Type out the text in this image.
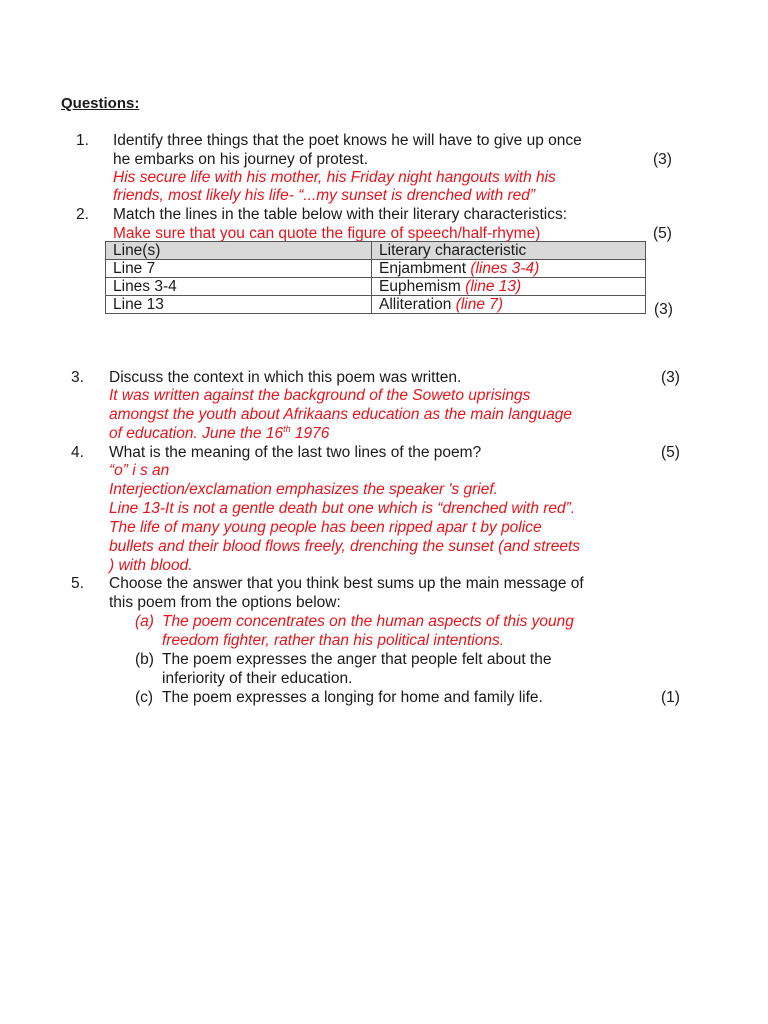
Questions:
1. Identify three things that the poet knows he will have to give up once
he embarks on his journey of protest.	(3)
His secure life with his mother, his Friday night hangouts with his
friends, most likely his life- “...my sunset is drenched with red”
2. Match the lines in the table below with their literary characteristics:
Make sure that you can quote the figure of speech/half-rhyme)	(5)
Line(s)	Literary characteristic
Line 7	Enjambment (lines 3-4)
Lines 3-4	Euphemism (line 13)
Line 13	Alliteration (line 7)	(3)
3. Discuss the context in which this poem was written.	(3)
It was written against the background of the Soweto uprisings
amongst the youth about Afrikaans education as the main language
of education. June the 16th 1976
4. What is the meaning of the last two lines of the poem?	(5)
“o” i s an
Interjection/exclamation emphasizes the speaker 's grief.
Line 13-It is not a gentle death but one which is “drenched with red”.
The life of many young people has been ripped apar t by police
bullets and their blood flows freely, drenching the sunset (and streets
) with blood.
5. Choose the answer that you think best sums up the main message of
this poem from the options below:
(a) The poem concentrates on the human aspects of this young
freedom fighter, rather than his political intentions.
(b) The poem expresses the anger that people felt about the
inferiority of their education.
(c) The poem expresses a longing for home and family life.	(1)
